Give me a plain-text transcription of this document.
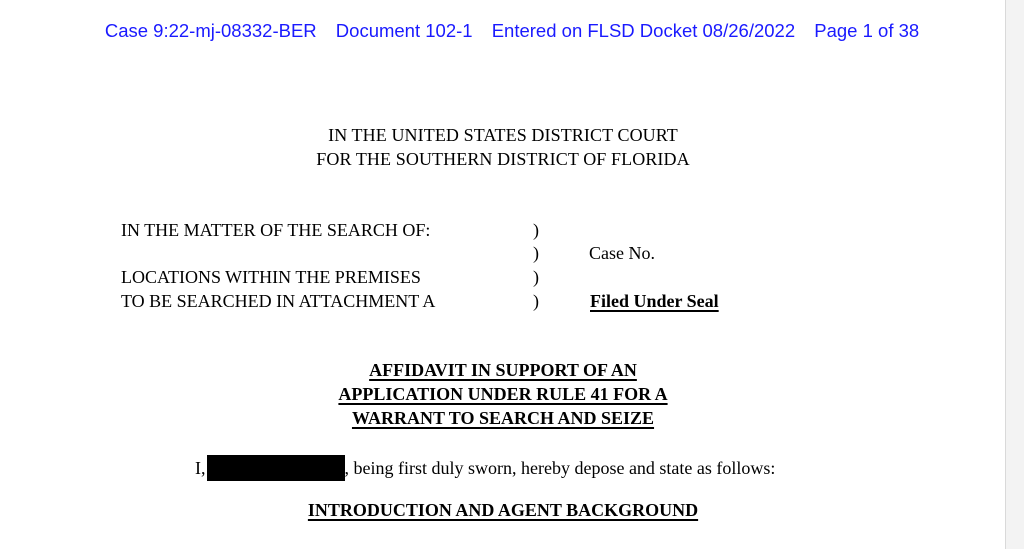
Case 9:22-mj-08332-BER Document 102-1 Entered on FLSD Docket 08/26/2022 Page 1 of 38
IN THE UNITED STATES DISTRICT COURT
FOR THE SOUTHERN DISTRICT OF FLORIDA
IN THE MATTER OF THE SEARCH OF:
LOCATIONS WITHIN THE PREMISES
TO BE SEARCHED IN ATTACHMENT A
)
)
)
)
Case No.
Filed Under Seal
AFFIDAVIT IN SUPPORT OF AN
APPLICATION UNDER RULE 41 FOR A
WARRANT TO SEARCH AND SEIZE
I,	, being first duly sworn, hereby depose and state as follows:
INTRODUCTION AND AGENT BACKGROUND
